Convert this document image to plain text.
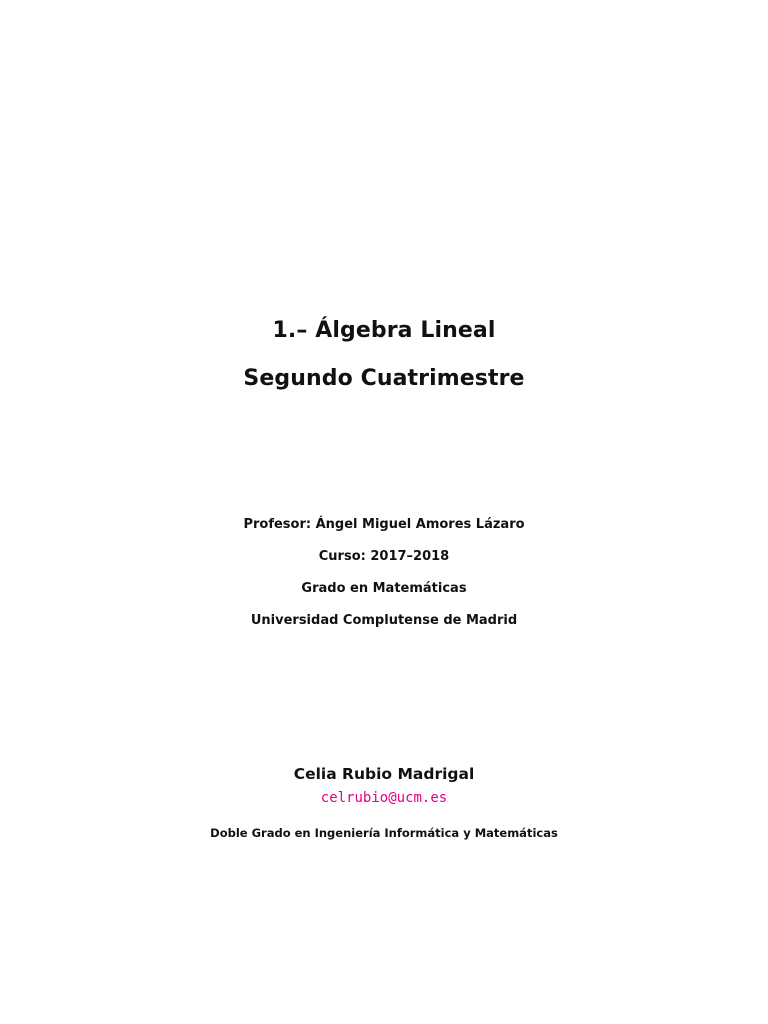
1.– Álgebra Lineal
Segundo Cuatrimestre
Profesor: Ángel Miguel Amores Lázaro
Curso: 2017–2018
Grado en Matemáticas
Universidad Complutense de Madrid
Celia Rubio Madrigal
celrubio@ucm.es
Doble Grado en Ingeniería Informática y Matemáticas
